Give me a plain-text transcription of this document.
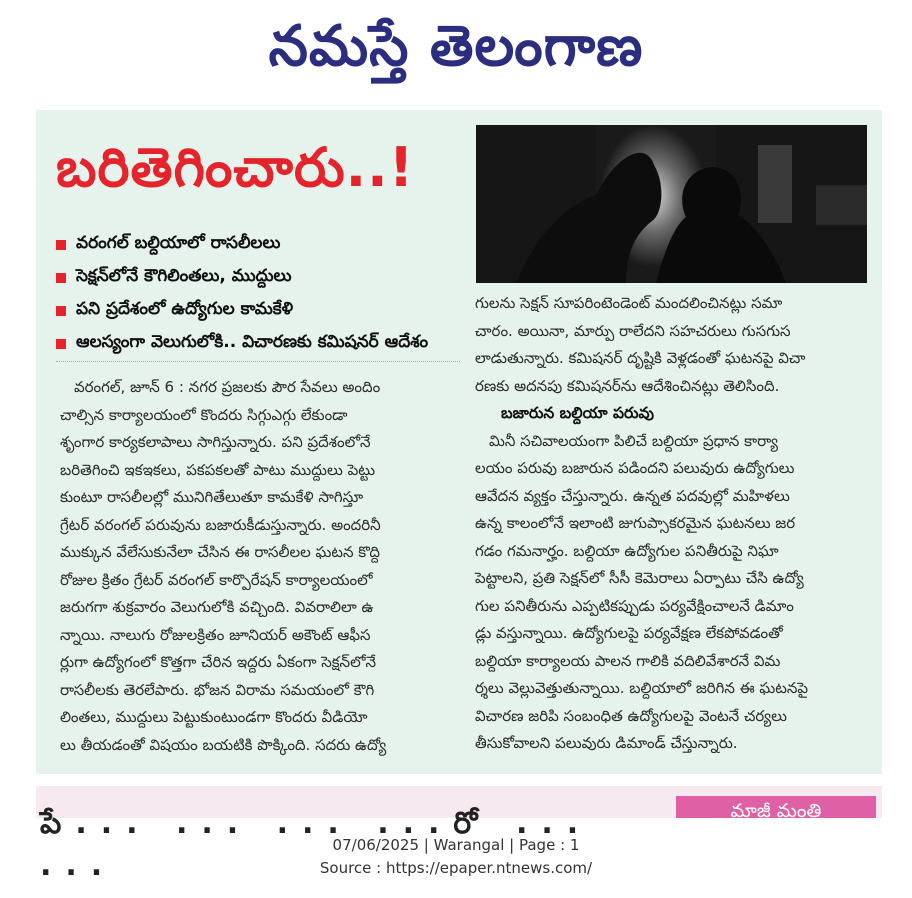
నమస్తే తెలంగాణ
బరితెగించారు..!
వరంగల్ బల్దియాలో రాసలీలలు
సెక్షన్‌లోనే కౌగిలింతలు, ముద్దులు
పని ప్రదేశంలో ఉద్యోగుల కామకేళి
ఆలస్యంగా వెలుగులోకి.. విచారణకు కమిషనర్ ఆదేశం
వరంగల్, జూన్ 6 : నగర ప్రజలకు పౌర సేవలు అందిం
చాల్సిన కార్యాలయంలో కొందరు సిగ్గుఎగ్గు లేకుండా
శృంగార కార్యకలాపాలు సాగిస్తున్నారు. పని ప్రదేశంలోనే
బరితెగించి ఇకఇకలు, పకపకలతో పాటు ముద్దులు పెట్టు
కుంటూ రాసలీలల్లో మునిగితేలుతూ కామకేళి సాగిస్తూ
గ్రేటర్ వరంగల్ పరువును బజారుకీడుస్తున్నారు. అందరినీ
ముక్కున వేలేసుకునేలా చేసిన ఈ రాసలీలల ఘటన కొద్ది
రోజుల క్రితం గ్రేటర్ వరంగల్ కార్పొరేషన్ కార్యాలయంలో
జరుగగా శుక్రవారం వెలుగులోకి వచ్చింది. వివరాలిలా ఉ
న్నాయి. నాలుగు రోజులక్రితం జూనియర్ అకౌంట్ ఆఫీస
ర్లుగా ఉద్యోగంలో కొత్తగా చేరిన ఇద్దరు ఏకంగా సెక్షన్‌లోనే
రాసలీలకు తెరలేపారు. భోజన విరామ సమయంలో కౌగి
లింతలు, ముద్దులు పెట్టుకుంటుండగా కొందరు వీడియో
లు తీయడంతో విషయం బయటికి పొక్కింది. సదరు ఉద్యో
గులను సెక్షన్ సూపరింటెండెంట్ మందలించినట్లు సమా
చారం. అయినా, మార్పు రాలేదని సహచరులు గుసగుస
లాడుతున్నారు. కమిషనర్ దృష్టికి వెళ్లడంతో ఘటనపై విచా
రణకు అదనపు కమిషనర్‌ను ఆదేశించినట్లు తెలిసింది.
బజారున బల్దియా పరువు
మినీ సచివాలయంగా పిలిచే బల్దియా ప్రధాన కార్యా
లయం పరువు బజారున పడిందని పలువురు ఉద్యోగులు
ఆవేదన వ్యక్తం చేస్తున్నారు. ఉన్నత పదవుల్లో మహిళలు
ఉన్న కాలంలోనే ఇలాంటి జుగుప్సాకరమైన ఘటనలు జర
గడం గమనార్హం. బల్దియా ఉద్యోగుల పనితీరుపై నిఘా
పెట్టాలని, ప్రతి సెక్షన్‌లో సీసీ కెమెరాలు ఏర్పాటు చేసి ఉద్యో
గుల పనితీరును ఎప్పటికప్పుడు పర్యవేక్షించాలనే డిమాం
డ్లు వస్తున్నాయి. ఉద్యోగులపై పర్యవేక్షణ లేకపోవడంతో
బల్దియా కార్యాలయ పాలన గాలికి వదిలివేశారనే విమ
ర్శలు వెల్లువెత్తుతున్నాయి. బల్దియాలో జరిగిన ఈ ఘటనపై
విచారణ జరిపి సంబంధిత ఉద్యోగులపై వెంటనే చర్యలు
తీసుకోవాలని పలువురు డిమాండ్ చేస్తున్నారు.
పే... ... ... ...రో ... ...
మాజీ మంత్రి
07/06/2025 | Warangal | Page : 1
Source : https://epaper.ntnews.com/
